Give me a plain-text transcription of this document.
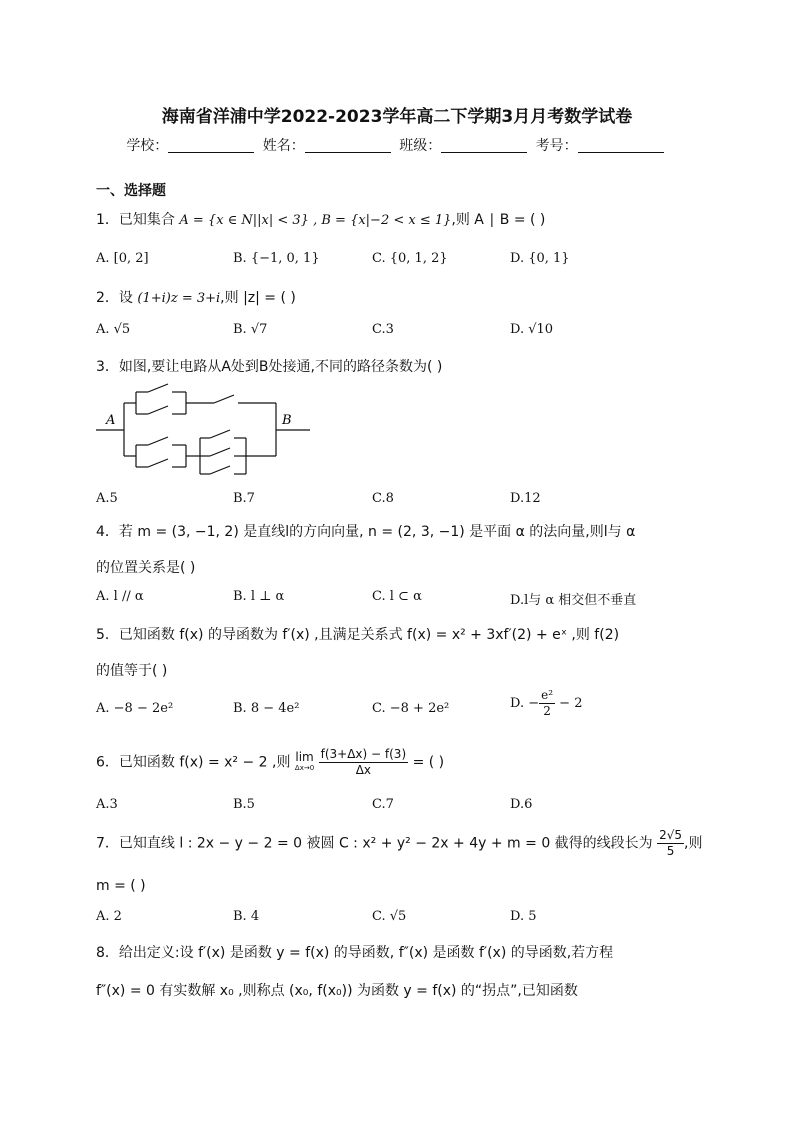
海南省洋浦中学2022-2023学年高二下学期3月月考数学试卷
学校：	姓名：	班级：	考号：
一、选择题
1．已知集合 A = {x ∈ N||x| < 3} , B = {x|−2 < x ≤ 1},则 A ∣ B = ( )
A. [0, 2]	B. {−1, 0, 1}	C. {0, 1, 2}	D. {0, 1}
2．设 (1+i)z = 3+i,则 |z| = ( )
A. √5	B. √7	C.3	D. √10
3．如图,要让电路从A处到B处接通,不同的路径条数为( )
A	B
A.5	B.7	C.8	D.12
4．若 m = (3, −1, 2) 是直线l的方向向量, n = (2, 3, −1) 是平面 α 的法向量,则l与 α
的位置关系是( )
A. l // α	B. l ⊥ α	C. l ⊂ α	D.l与 α 相交但不垂直
5．已知函数 f(x) 的导函数为 f′(x) ,且满足关系式 f(x) = x² + 3xf′(2) + eˣ ,则 f(2)
的值等于( )
A. −8 − 2e²	B. 8 − 4e²	C. −8 + 2e²	D. − $\frac{\text{e²}}{2} - 2$
6．已知函数 f(x) = x² − 2 ,则 lim
Δx→0
$\frac{f(3+\Delta x) - f(3)}{\Delta x}$ = ( )
A.3	B.5	C.7	D.6
7．已知直线 l : 2x − y − 2 = 0 被圆 C : x² + y² − 2x + 4y + m = 0 截得的线段长为 $\frac{2√5}{5}$ ,则
m = ( )
A. 2	B. 4	C. √5	D. 5
8．给出定义:设 f′(x) 是函数 y = f(x) 的导函数, f″(x) 是函数 f′(x) 的导函数,若方程
f″(x) = 0 有实数解 x₀ ,则称点 (x₀, f(x₀)) 为函数 y = f(x) 的“拐点”,已知函数
